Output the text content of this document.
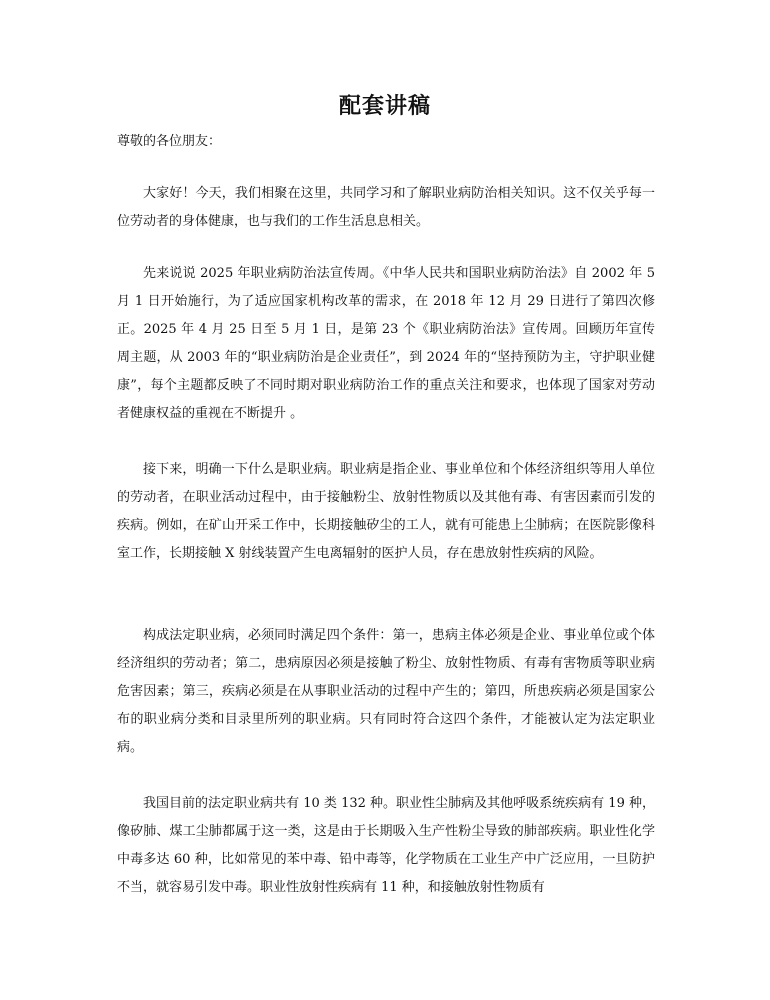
配套讲稿

尊敬的各位朋友：

大家好！今天，我们相聚在这里，共同学习和了解职业病防治相关知识。这不仅关乎每一位劳动者的身体健康，也与我们的工作生活息息相关。

先来说说 2025 年职业病防治法宣传周。《中华人民共和国职业病防治法》自 2002 年 5 月 1 日开始施行，为了适应国家机构改革的需求，在 2018 年 12 月 29 日进行了第四次修正。2025 年 4 月 25 日至 5 月 1 日，是第 23 个《职业病防治法》宣传周。回顾历年宣传周主题，从 2003 年的“职业病防治是企业责任”，到 2024 年的“坚持预防为主，守护职业健康”，每个主题都反映了不同时期对职业病防治工作的重点关注和要求，也体现了国家对劳动者健康权益的重视在不断提升 。

接下来，明确一下什么是职业病。职业病是指企业、事业单位和个体经济组织等用人单位的劳动者，在职业活动过程中，由于接触粉尘、放射性物质以及其他有毒、有害因素而引发的疾病。例如，在矿山开采工作中，长期接触矽尘的工人，就有可能患上尘肺病；在医院影像科室工作，长期接触 X 射线装置产生电离辐射的医护人员，存在患放射性疾病的风险。

构成法定职业病，必须同时满足四个条件：第一，患病主体必须是企业、事业单位或个体经济组织的劳动者；第二，患病原因必须是接触了粉尘、放射性物质、有毒有害物质等职业病危害因素；第三，疾病必须是在从事职业活动的过程中产生的；第四，所患疾病必须是国家公布的职业病分类和目录里所列的职业病。只有同时符合这四个条件，才能被认定为法定职业病。

我国目前的法定职业病共有 10 类 132 种。职业性尘肺病及其他呼吸系统疾病有 19 种，像矽肺、煤工尘肺都属于这一类，这是由于长期吸入生产性粉尘导致的肺部疾病。职业性化学中毒多达 60 种，比如常见的苯中毒、铅中毒等，化学物质在工业生产中广泛应用，一旦防护不当，就容易引发中毒。职业性放射性疾病有 11 种，和接触放射性物质有
